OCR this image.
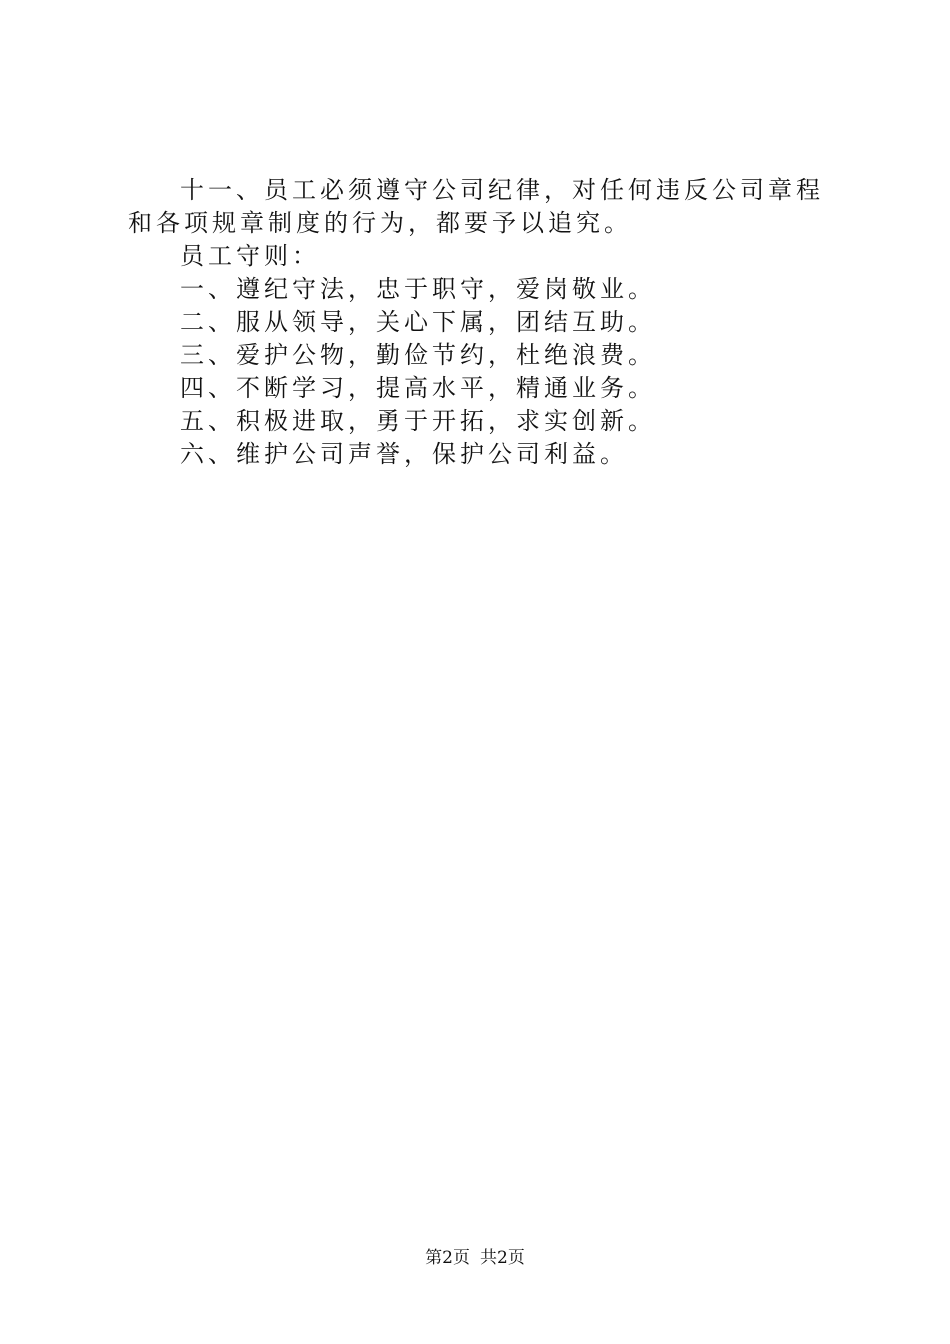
十一、员工必须遵守公司纪律，对任何违反公司章程和各项规章制度的行为，都要予以追究。

员工守则：

一、遵纪守法，忠于职守，爱岗敬业。

二、服从领导，关心下属，团结互助。

三、爱护公物，勤俭节约，杜绝浪费。

四、不断学习，提高水平，精通业务。

五、积极进取，勇于开拓，求实创新。

六、维护公司声誉，保护公司利益。

第2页 共2页
